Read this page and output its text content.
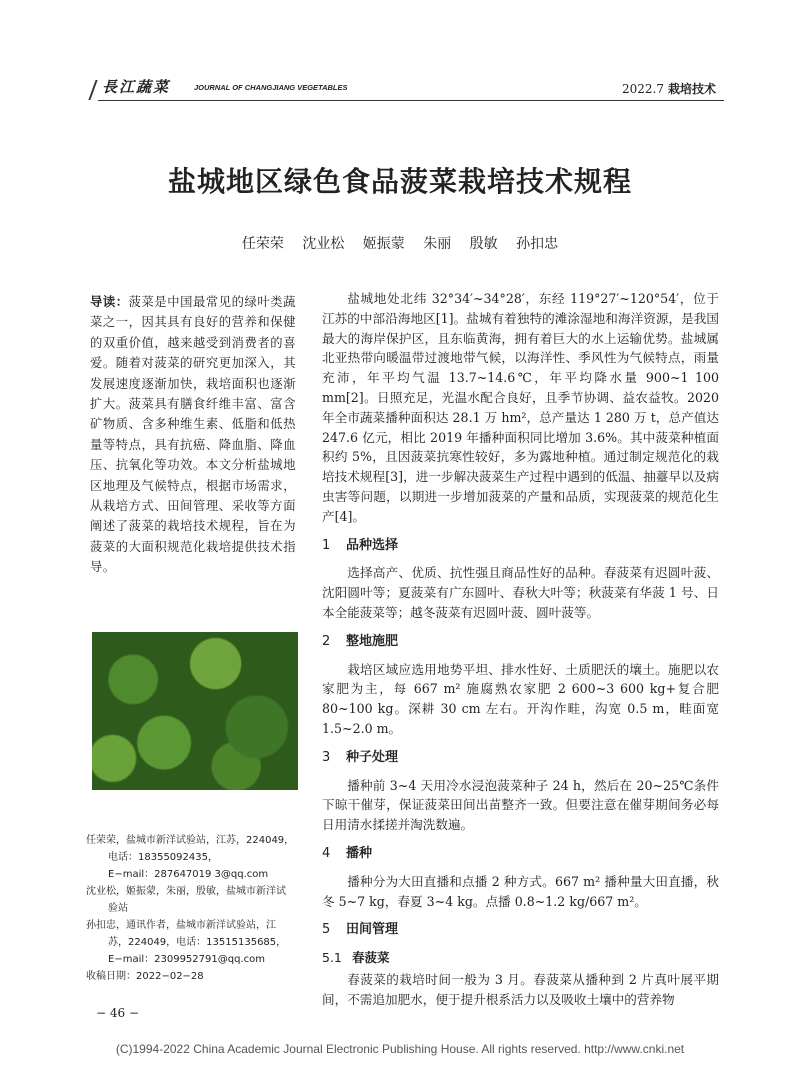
長江蔬菜	JOURNAL OF CHANGJIANG VEGETABLES	2022.7 栽培技术
盐城地区绿色食品菠菜栽培技术规程
任荣荣 沈业松 姬振蒙 朱丽 殷敏 孙扣忠
导读：菠菜是中国最常见的绿叶类蔬菜之一，因其具有良好的营养和保健的双重价值，越来越受到消费者的喜爱。随着对菠菜的研究更加深入，其发展速度逐渐加快，栽培面积也逐渐扩大。菠菜具有膳食纤维丰富、富含矿物质、含多种维生素、低脂和低热量等特点，具有抗癌、降血脂、降血压、抗氧化等功效。本文分析盐城地区地理及气候特点，根据市场需求，从栽培方式、田间管理、采收等方面阐述了菠菜的栽培技术规程，旨在为菠菜的大面积规范化栽培提供技术指导。

任荣荣，盐城市新洋试验站，江苏，224049，

电话：18355092435，

E−mail：287647019 3@qq.com

沈业松，姬振蒙，朱丽，殷敏，盐城市新洋试

验站

孙扣忠，通讯作者，盐城市新洋试验站，江

苏，224049，电话：13515135685，

E−mail：2309952791@qq.com

收稿日期：2022−02−28

盐城地处北纬 32°34′~34°28′，东经 119°27′~120°54′，位于江苏的中部沿海地区[1]。盐城有着独特的滩涂湿地和海洋资源，是我国最大的海岸保护区，且东临黄海，拥有着巨大的水上运输优势。盐城属北亚热带向暖温带过渡地带气候，以海洋性、季风性为气候特点，雨量充沛，年平均气温 13.7~14.6℃，年平均降水量 900~1 100 mm[2]。日照充足，光温水配合良好，且季节协调、益农益牧。2020 年全市蔬菜播种面积达 28.1 万 hm²，总产量达 1 280 万 t，总产值达 247.6 亿元，相比 2019 年播种面积同比增加 3.6%。其中菠菜种植面积约 5%，且因菠菜抗寒性较好，多为露地种植。通过制定规范化的栽培技术规程[3]，进一步解决菠菜生产过程中遇到的低温、抽薹早以及病虫害等问题，以期进一步增加菠菜的产量和品质，实现菠菜的规范化生产[4]。

1 品种选择

选择高产、优质、抗性强且商品性好的品种。春菠菜有迟圆叶菠、沈阳圆叶等；夏菠菜有广东圆叶、春秋大叶等；秋菠菜有华菠 1 号、日本全能菠菜等；越冬菠菜有迟圆叶菠、圆叶菠等。

2 整地施肥

栽培区域应选用地势平坦、排水性好、土质肥沃的壤土。施肥以农家肥为主，每 667 m² 施腐熟农家肥 2 600~3 600 kg+复合肥 80~100 kg。深耕 30 cm 左右。开沟作畦，沟宽 0.5 m，畦面宽 1.5~2.0 m。

3 种子处理

播种前 3~4 天用冷水浸泡菠菜种子 24 h，然后在 20~25℃条件下晾干催芽，保证菠菜田间出苗整齐一致。但要注意在催芽期间务必每日用清水揉搓并淘洗数遍。

4 播种

播种分为大田直播和点播 2 种方式。667 m² 播种量大田直播，秋冬 5~7 kg，春夏 3~4 kg。点播 0.8~1.2 kg/667 m²。

5 田间管理
5.1 春菠菜

春菠菜的栽培时间一般为 3 月。春菠菜从播种到 2 片真叶展平期间，不需追加肥水，便于提升根系活力以及吸收土壤中的营养物

− 46 −
(C)1994-2022 China Academic Journal Electronic Publishing House. All rights reserved. http://www.cnki.net
